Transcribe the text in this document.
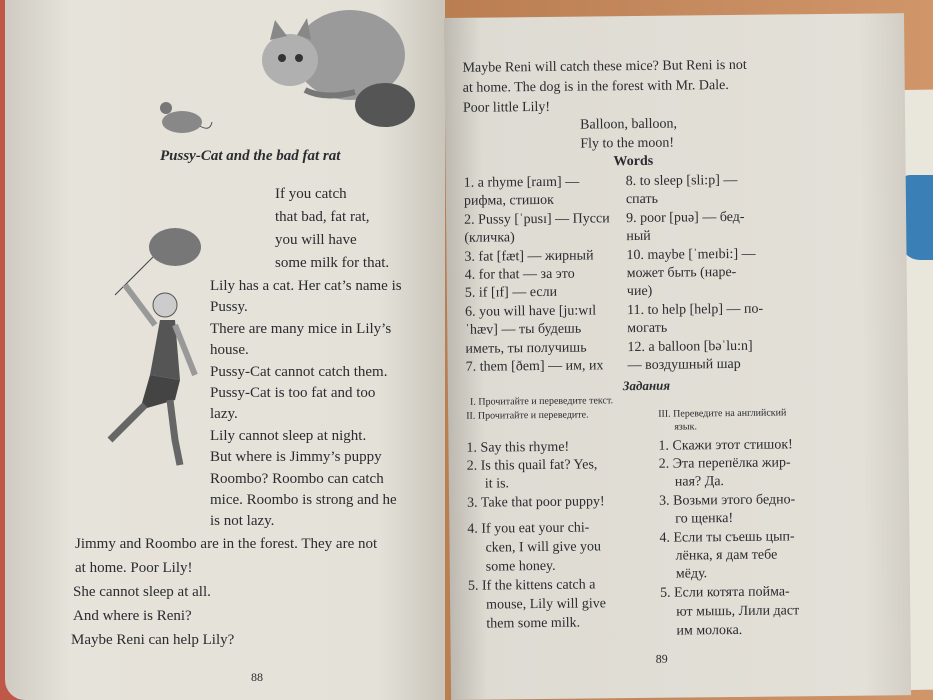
Pussy-Cat and the bad fat rat
If you catch
that bad, fat rat,
you will have
some milk for that.
Lily has a cat. Her cat’s name is
Pussy.
There are many mice in Lily’s
house.
Pussy-Cat cannot catch them.
Pussy-Cat is too fat and too
lazy.
Lily cannot sleep at night.
But where is Jimmy’s puppy
Roombo? Roombo can catch
mice. Roombo is strong and he
is not lazy.
Jimmy and Roombo are in the forest. They are not
at home. Poor Lily!
She cannot sleep at all.
And where is Reni?
Maybe Reni can help Lily?
88
Maybe Reni will catch these mice? But Reni is not
at home. The dog is in the forest with Mr. Dale.
Poor little Lily!
Balloon, balloon,
Fly to the moon!
Words
1. a rhyme [raɪm] —
рифма, стишок
2. Pussy [ˈpusɪ] — Пусси
(кличка)
3. fat [fæt] — жирный
4. for that — за это
5. if [ɪf] — если
6. you will have [ju:wɪl
ˈhæv] — ты будешь
иметь, ты получишь
7. them [ðem] — им, их
8. to sleep [sli:p] —
спать
9. poor [puə] — бед-
ный
10. maybe [ˈmeɪbi:] —
может быть (наре-
чие)
11. to help [help] — по-
могать
12. a balloon [bəˈlu:n]
— воздушный шар
Задания
I. Прочитайте и переведите текст.
II. Прочитайте и переведите.	III. Переведите на английский
язык.
1. Say this rhyme!
2. Is this quail fat? Yes,
it is.
3. Take that poor puppy!
4. If you eat your chi-
cken, I will give you
some honey.
5. If the kittens catch a
mouse, Lily will give
them some milk.
1. Скажи этот стишок!
2. Эта перепёлка жир-
ная? Да.
3. Возьми этого бедно-
го щенка!
4. Если ты съешь цып-
лёнка, я дам тебе
мёду.
5. Если котята пойма-
ют мышь, Лили даст
им молока.
89
